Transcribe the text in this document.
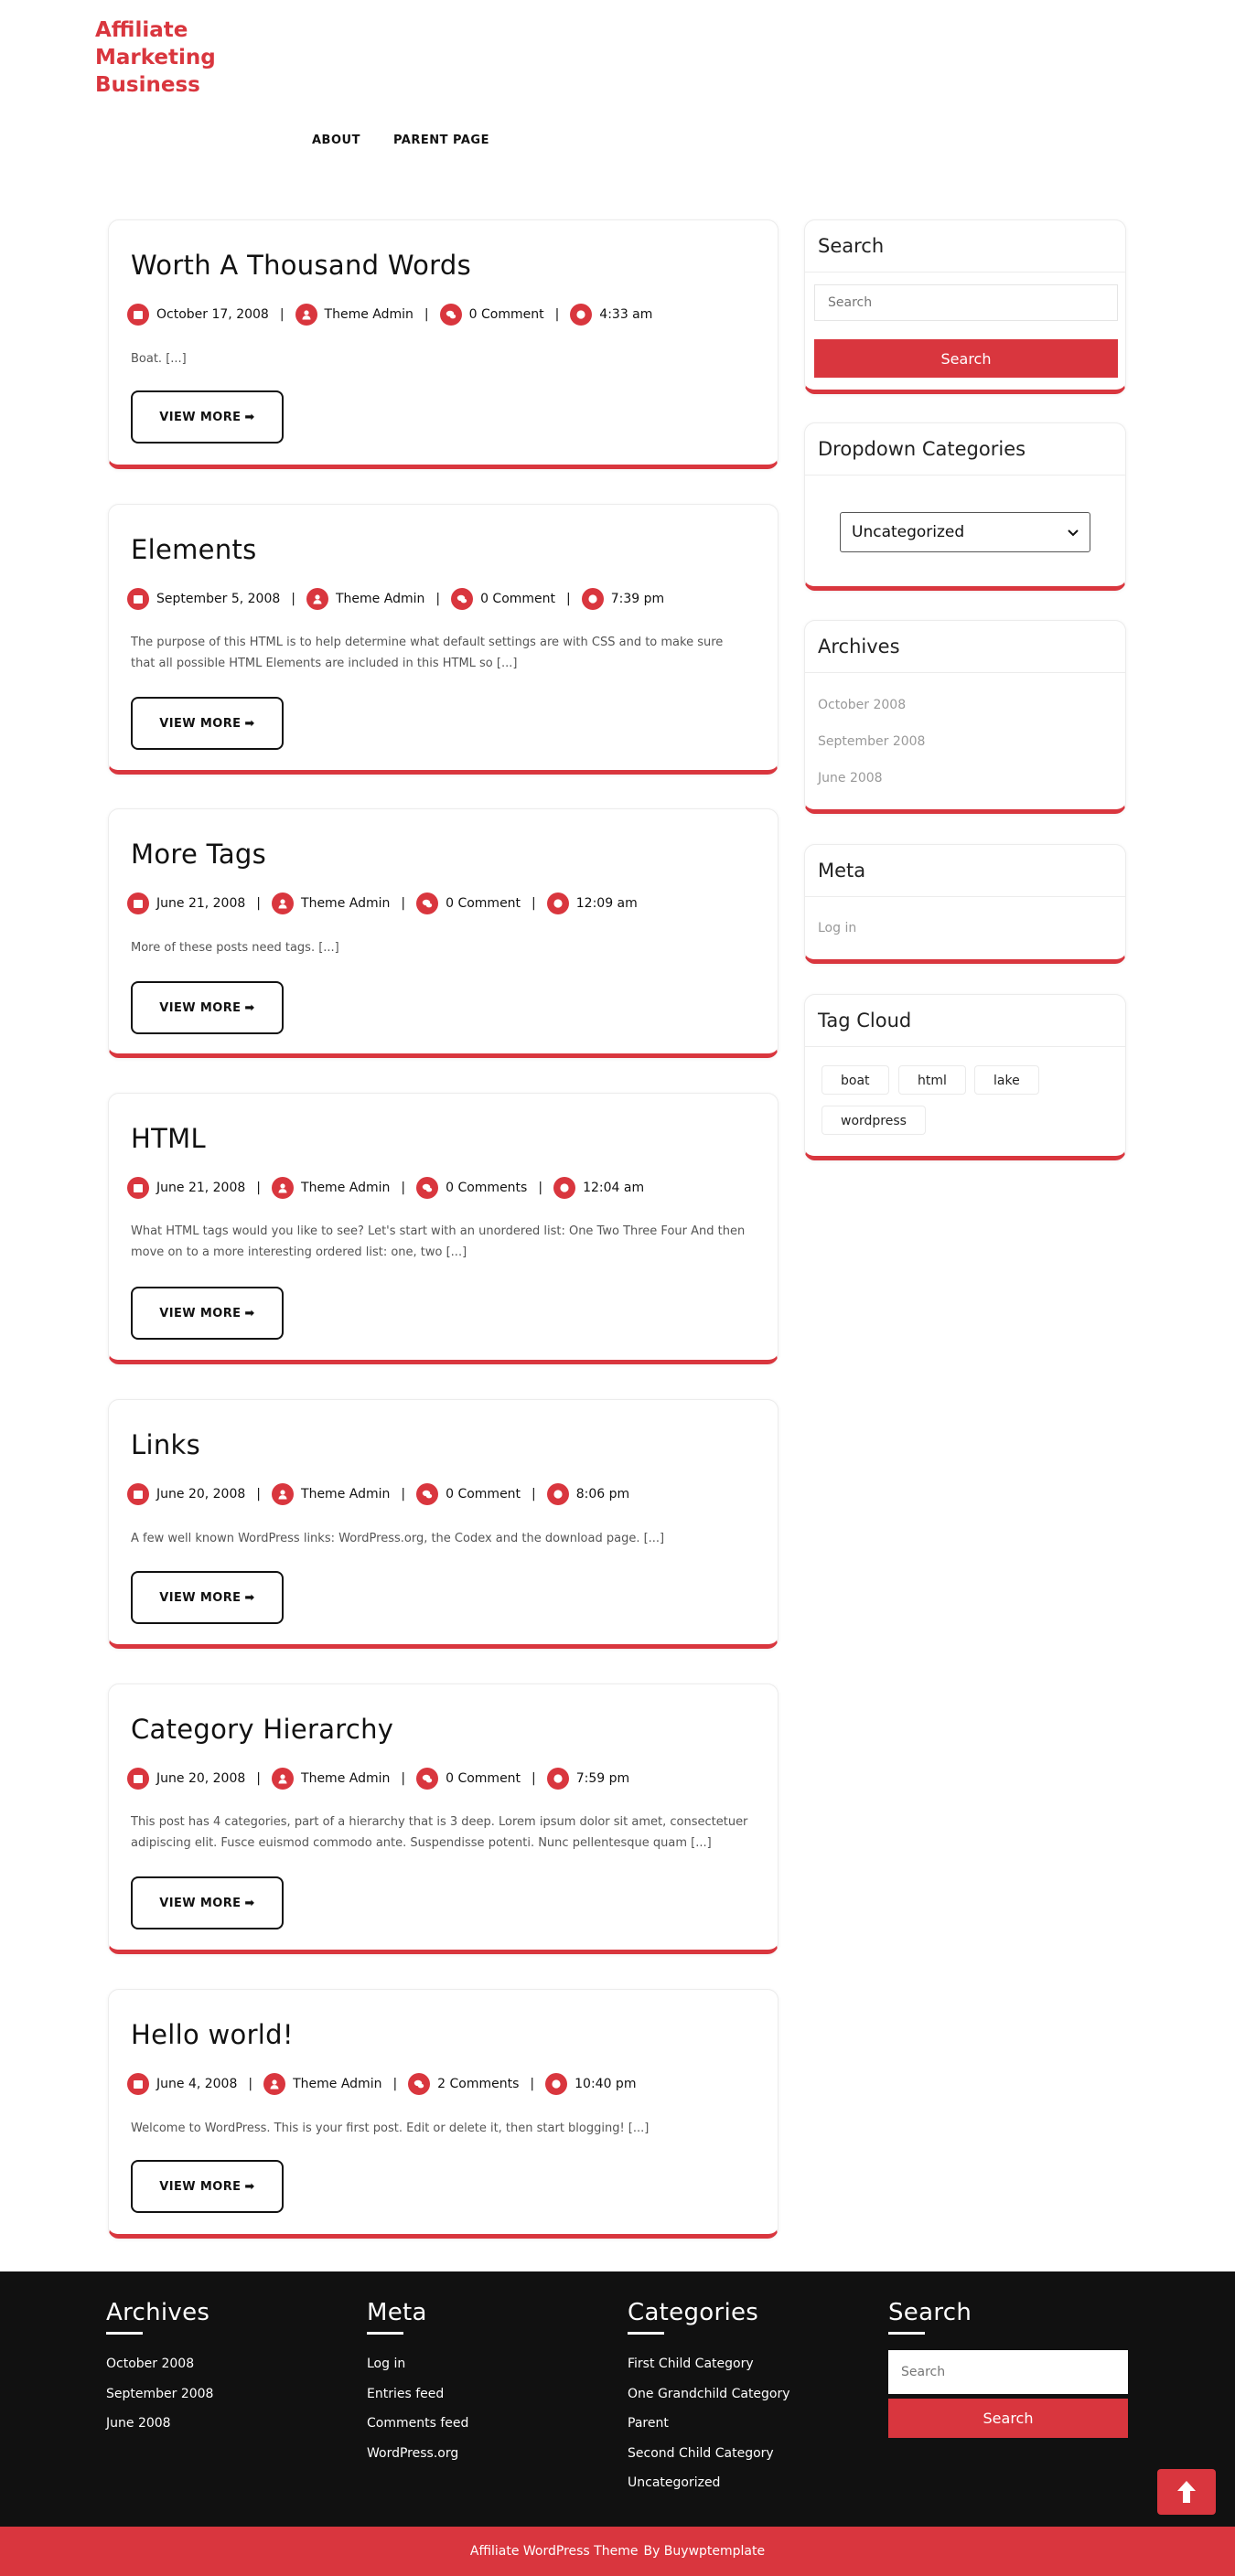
Affiliate Marketing Business
ABOUT	PARENT PAGE
Worth A Thousand Words
October 17, 2008 |	Theme Admin |	0 Comment |	4:33 am

Boat. [...]

VIEW MORE ➡
Elements
September 5, 2008 |	Theme Admin |	0 Comment |	7:39 pm

The purpose of this HTML is to help determine what default settings are with CSS and to make sure that all possible HTML Elements are included in this HTML so [...]

VIEW MORE ➡
More Tags
June 21, 2008 |	Theme Admin |	0 Comment |	12:09 am

More of these posts need tags. [...]

VIEW MORE ➡
HTML
June 21, 2008 |	Theme Admin |	0 Comments |	12:04 am

What HTML tags would you like to see? Let's start with an unordered list: One Two Three Four And then move on to a more interesting ordered list: one, two [...]

VIEW MORE ➡
Links
June 20, 2008 |	Theme Admin |	0 Comment |	8:06 pm

A few well known WordPress links: WordPress.org, the Codex and the download page. [...]

VIEW MORE ➡
Category Hierarchy
June 20, 2008 |	Theme Admin |	0 Comment |	7:59 pm

This post has 4 categories, part of a hierarchy that is 3 deep. Lorem ipsum dolor sit amet, consectetuer adipiscing elit. Fusce euismod commodo ante. Suspendisse potenti. Nunc pellentesque quam [...]

VIEW MORE ➡
Hello world!
June 4, 2008 |	Theme Admin |	2 Comments |	10:40 pm

Welcome to WordPress. This is your first post. Edit or delete it, then start blogging! [...]

VIEW MORE ➡
Search
Search
Search
Dropdown Categories
Uncategorized
Archives
October 2008
September 2008
June 2008
Meta
Log in
Tag Cloud
boat	html	lake
wordpress
Archives
October 2008
September 2008
June 2008
Meta
Log in
Entries feed
Comments feed
WordPress.org
Categories
First Child Category
One Grandchild Category
Parent
Second Child Category
Uncategorized
Search
Search
Search
Affiliate WordPress Theme By Buywptemplate
